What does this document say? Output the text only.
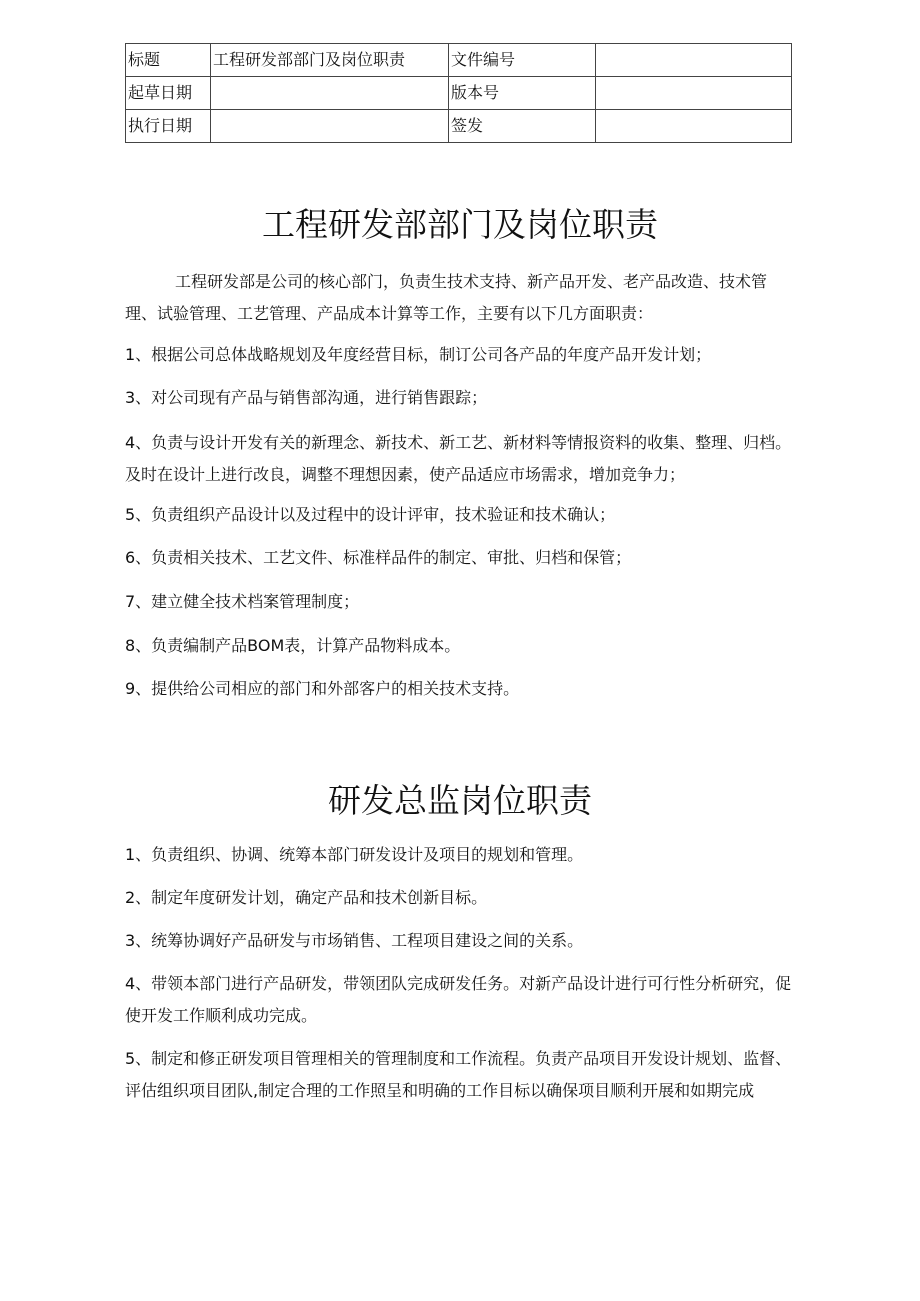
标题	工程研发部部门及岗位职责	文件编号	
起草日期		版本号	
执行日期		签发	
工程研发部部门及岗位职责

工程研发部是公司的核心部门，负责生技术支持、新产品开发、老产品改造、技术管理、试验管理、工艺管理、产品成本计算等工作，主要有以下几方面职责：

1、根据公司总体战略规划及年度经营目标，制订公司各产品的年度产品开发计划；

3、对公司现有产品与销售部沟通，进行销售跟踪；

4、负责与设计开发有关的新理念、新技术、新工艺、新材料等情报资料的收集、整理、归档。及时在设计上进行改良，调整不理想因素，使产品适应市场需求，增加竞争力；

5、负责组织产品设计以及过程中的设计评审，技术验证和技术确认；

6、负责相关技术、工艺文件、标准样品件的制定、审批、归档和保管；

7、建立健全技术档案管理制度；

8、负责编制产品BOM表，计算产品物料成本。

9、提供给公司相应的部门和外部客户的相关技术支持。

研发总监岗位职责

1、负责组织、协调、统筹本部门研发设计及项目的规划和管理。

2、制定年度研发计划，确定产品和技术创新目标。

3、统筹协调好产品研发与市场销售、工程项目建设之间的关系。

4、带领本部门进行产品研发，带领团队完成研发任务。对新产品设计进行可行性分析研究，促使开发工作顺利成功完成。

5、制定和修正研发项目管理相关的管理制度和工作流程。负责产品项目开发设计规划、监督、评估组织项目团队,制定合理的工作照呈和明确的工作目标以确保项目顺利开展和如期完成
